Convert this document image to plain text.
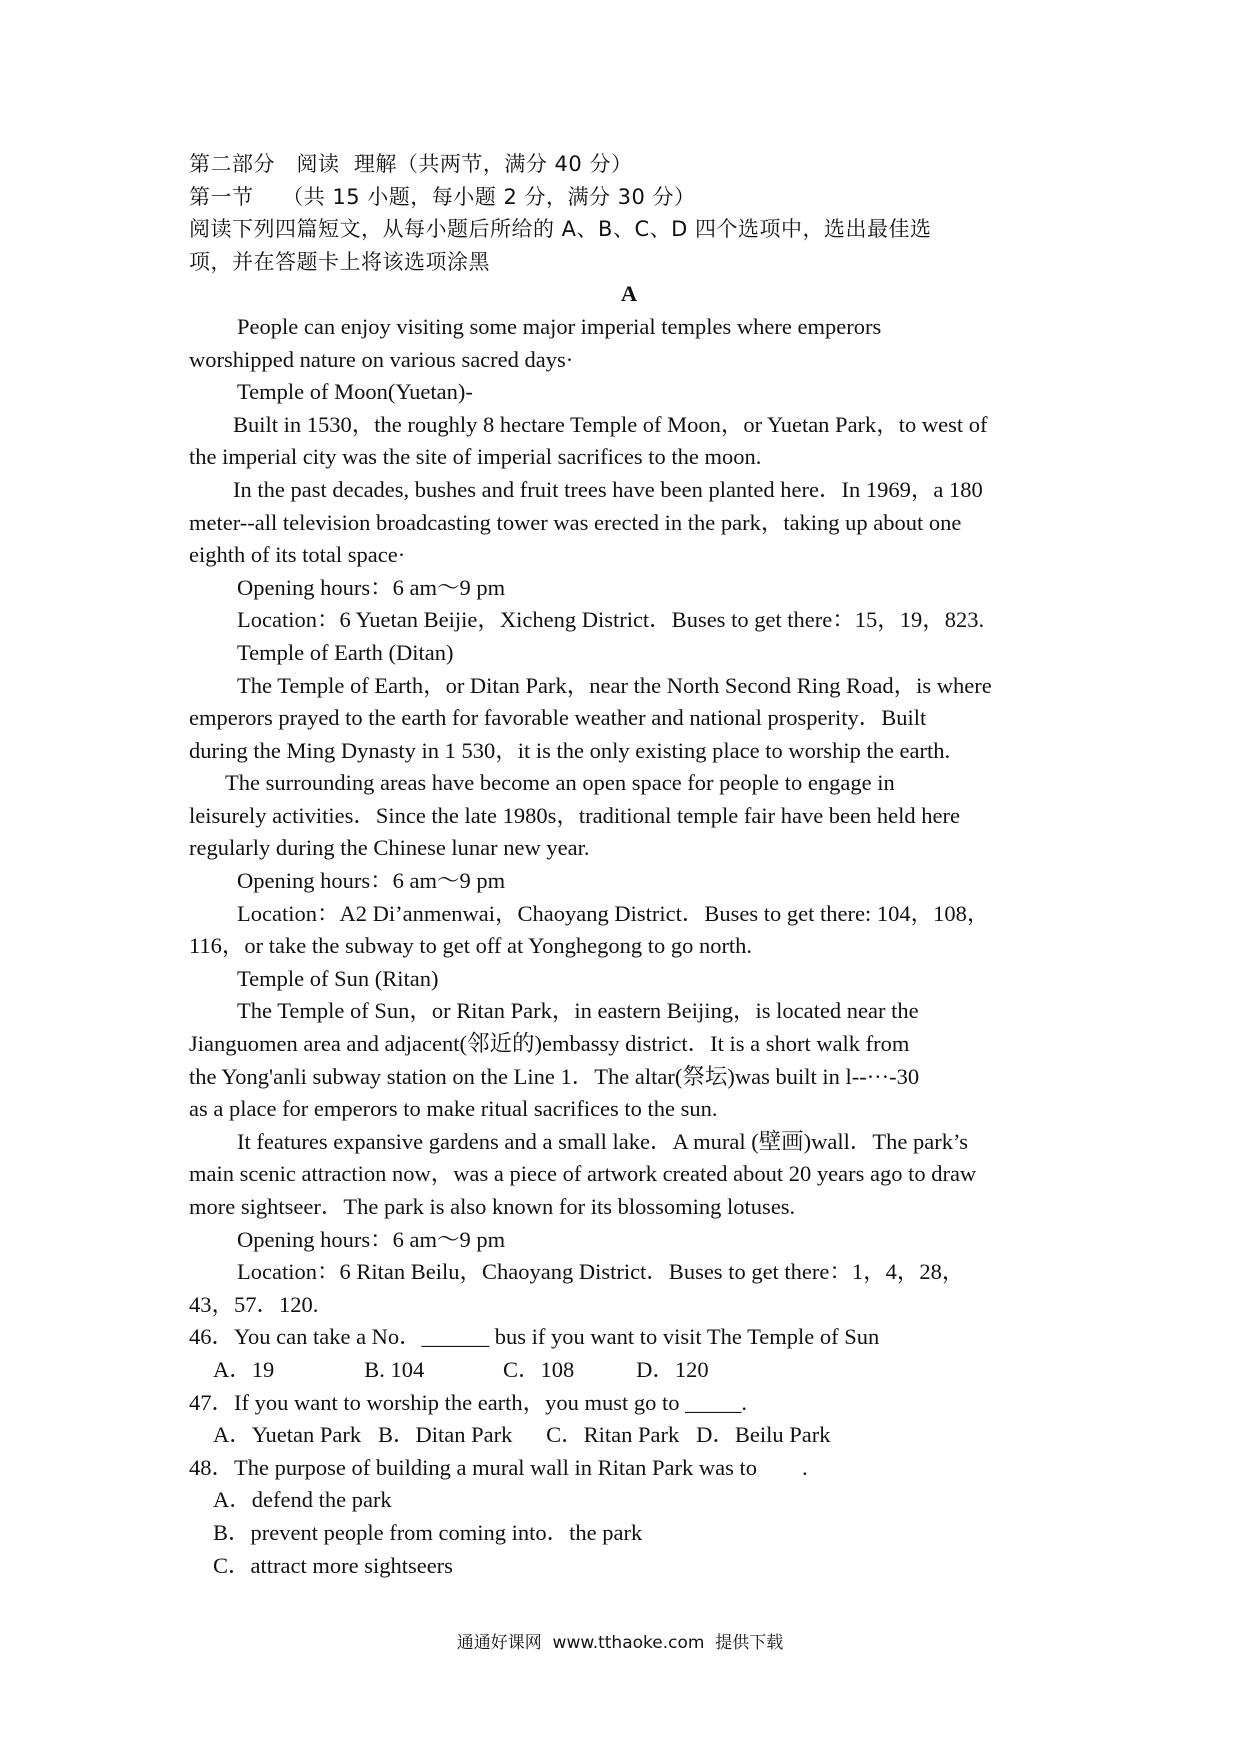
第二部分   阅读  理解（共两节，满分 40 分）
第一节    （共 15 小题，每小题 2 分，满分 30 分）
阅读下列四篇短文，从每小题后所给的 A、B、C、D 四个选项中，选出最佳选
项，并在答题卡上将该选项涂黑
A
People can enjoy visiting some major imperial temples where emperors
worshipped nature on various sacred days·
Temple of Moon(Yuetan)-
Built in 1530，the roughly 8 hectare Temple of Moon，or Yuetan Park，to west of
the imperial city was the site of imperial sacrifices to the moon.
In the past decades, bushes and fruit trees have been planted here．In 1969，a 180
meter--all television broadcasting tower was erected in the park，taking up about one
eighth of its total space·
Opening hours：6 am～9 pm
Location：6 Yuetan Beijie，Xicheng District．Buses to get there：15，19，823.
Temple of Earth (Ditan)
The Temple of Earth，or Ditan Park，near the North Second Ring Road，is where
emperors prayed to the earth for favorable weather and national prosperity．Built
during the Ming Dynasty in 1 530，it is the only existing place to worship the earth.
The surrounding areas have become an open space for people to engage in
leisurely activities．Since the late 1980s，traditional temple fair have been held here
regularly during the Chinese lunar new year.
Opening hours：6 am～9 pm
Location：A2 Di’anmenwai，Chaoyang District．Buses to get there: 104，108，
116，or take the subway to get off at Yonghegong to go north.
Temple of Sun (Ritan)
The Temple of Sun，or Ritan Park，in eastern Beijing，is located near the
Jianguomen area and adjacent(邻近的)embassy district．It is a short walk from
the Yong'anli subway station on the Line 1．The altar(祭坛)was built in l--···-30
as a place for emperors to make ritual sacrifices to the sun.
It features expansive gardens and a small lake．A mural (壁画)wall．The park’s
main scenic attraction now，was a piece of artwork created about 20 years ago to draw
more sightseer．The park is also known for its blossoming lotuses.
Opening hours：6 am～9 pm
Location：6 Ritan Beilu，Chaoyang District．Buses to get there：1，4，28，
43，57．120.
46．You can take a No．______ bus if you want to visit The Temple of Sun
A．19                B. 104              C．108           D．120
47．If you want to worship the earth，you must go to _____.
A．Yuetan Park   B．Ditan Park      C．Ritan Park   D．Beilu Park
48．The purpose of building a mural wall in Ritan Park was to        .
A．defend the park
B．prevent people from coming into．the park
C．attract more sightseers
通通好课网  www.tthaoke.com  提供下载
